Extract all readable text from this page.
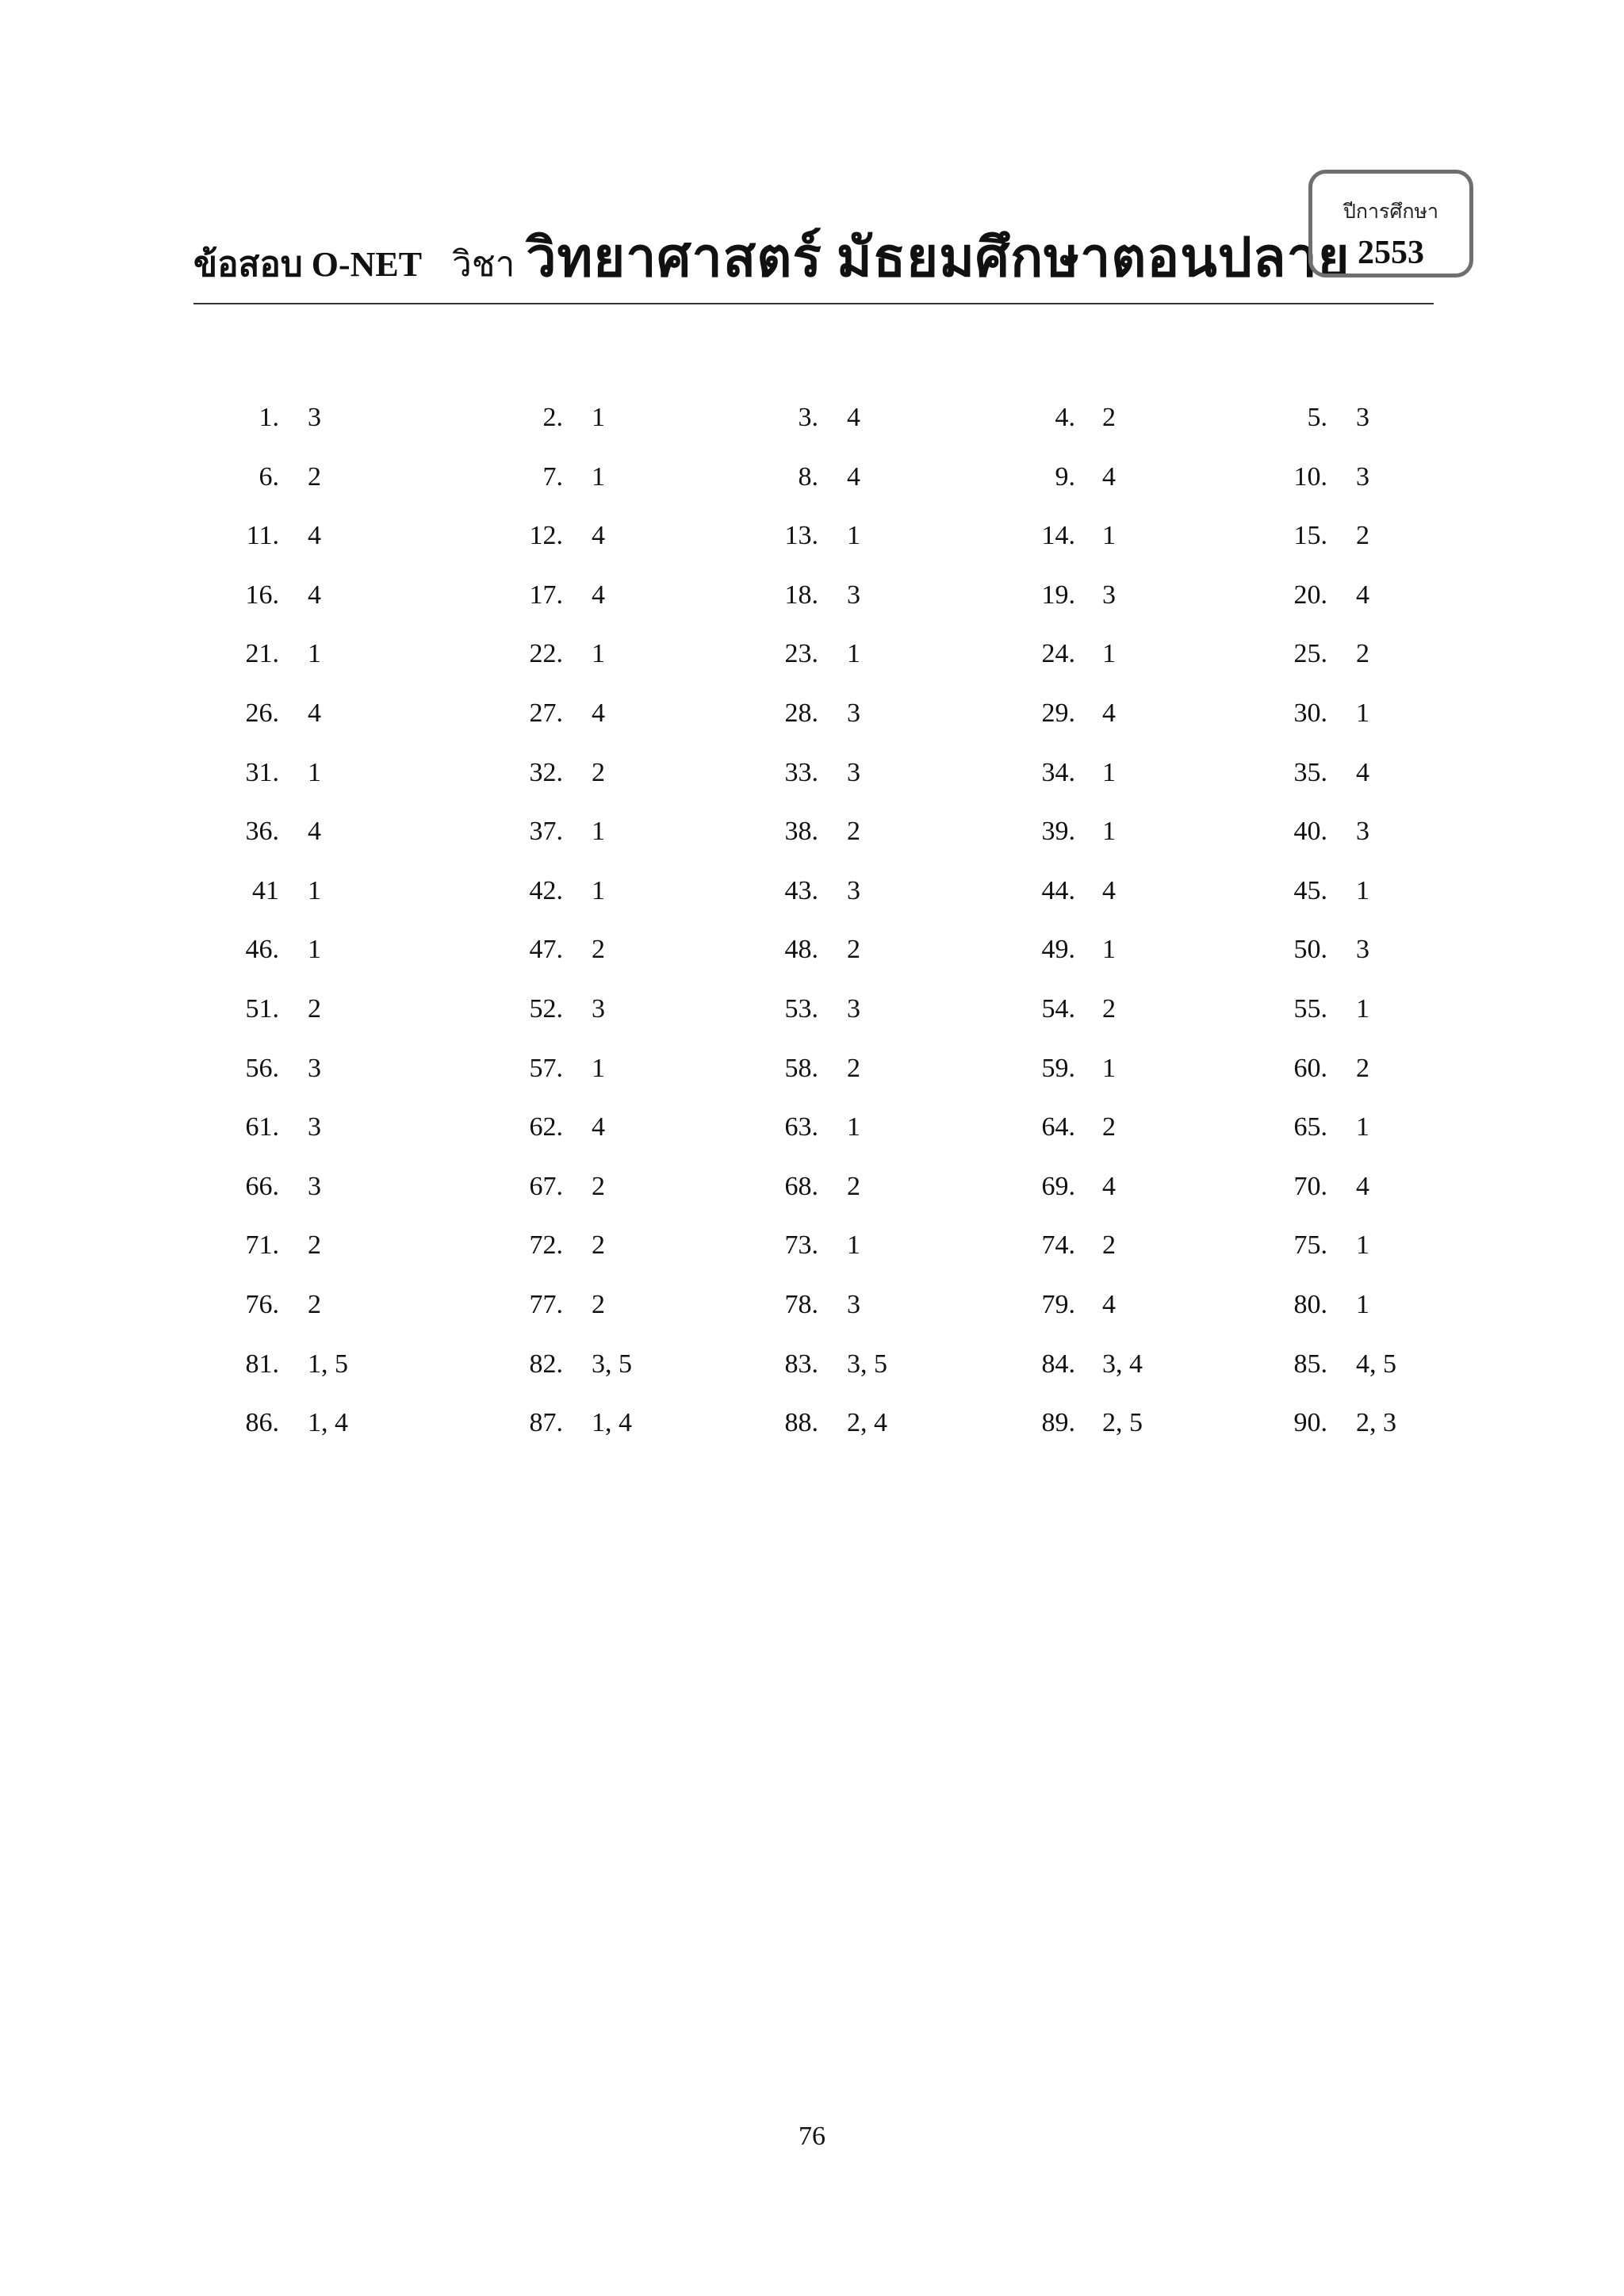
ข้อสอบ O-NET วิชา วิทยาศาสตร์ มัธยมศึกษาตอนปลาย
ปีการศึกษา
2553
1. 3	2. 1	3. 4	4. 2	5. 3
6. 2	7. 1	8. 4	9. 4	10. 3
11. 4	12. 4	13. 1	14. 1	15. 2
16. 4	17. 4	18. 3	19. 3	20. 4
21. 1	22. 1	23. 1	24. 1	25. 2
26. 4	27. 4	28. 3	29. 4	30. 1
31. 1	32. 2	33. 3	34. 1	35. 4
36. 4	37. 1	38. 2	39. 1	40. 3
41 1	42. 1	43. 3	44. 4	45. 1
46. 1	47. 2	48. 2	49. 1	50. 3
51. 2	52. 3	53. 3	54. 2	55. 1
56. 3	57. 1	58. 2	59. 1	60. 2
61. 3	62. 4	63. 1	64. 2	65. 1
66. 3	67. 2	68. 2	69. 4	70. 4
71. 2	72. 2	73. 1	74. 2	75. 1
76. 2	77. 2	78. 3	79. 4	80. 1
81. 1, 5	82. 3, 5	83. 3, 5	84. 3, 4	85. 4, 5
86. 1, 4	87. 1, 4	88. 2, 4	89. 2, 5	90. 2, 3
76
